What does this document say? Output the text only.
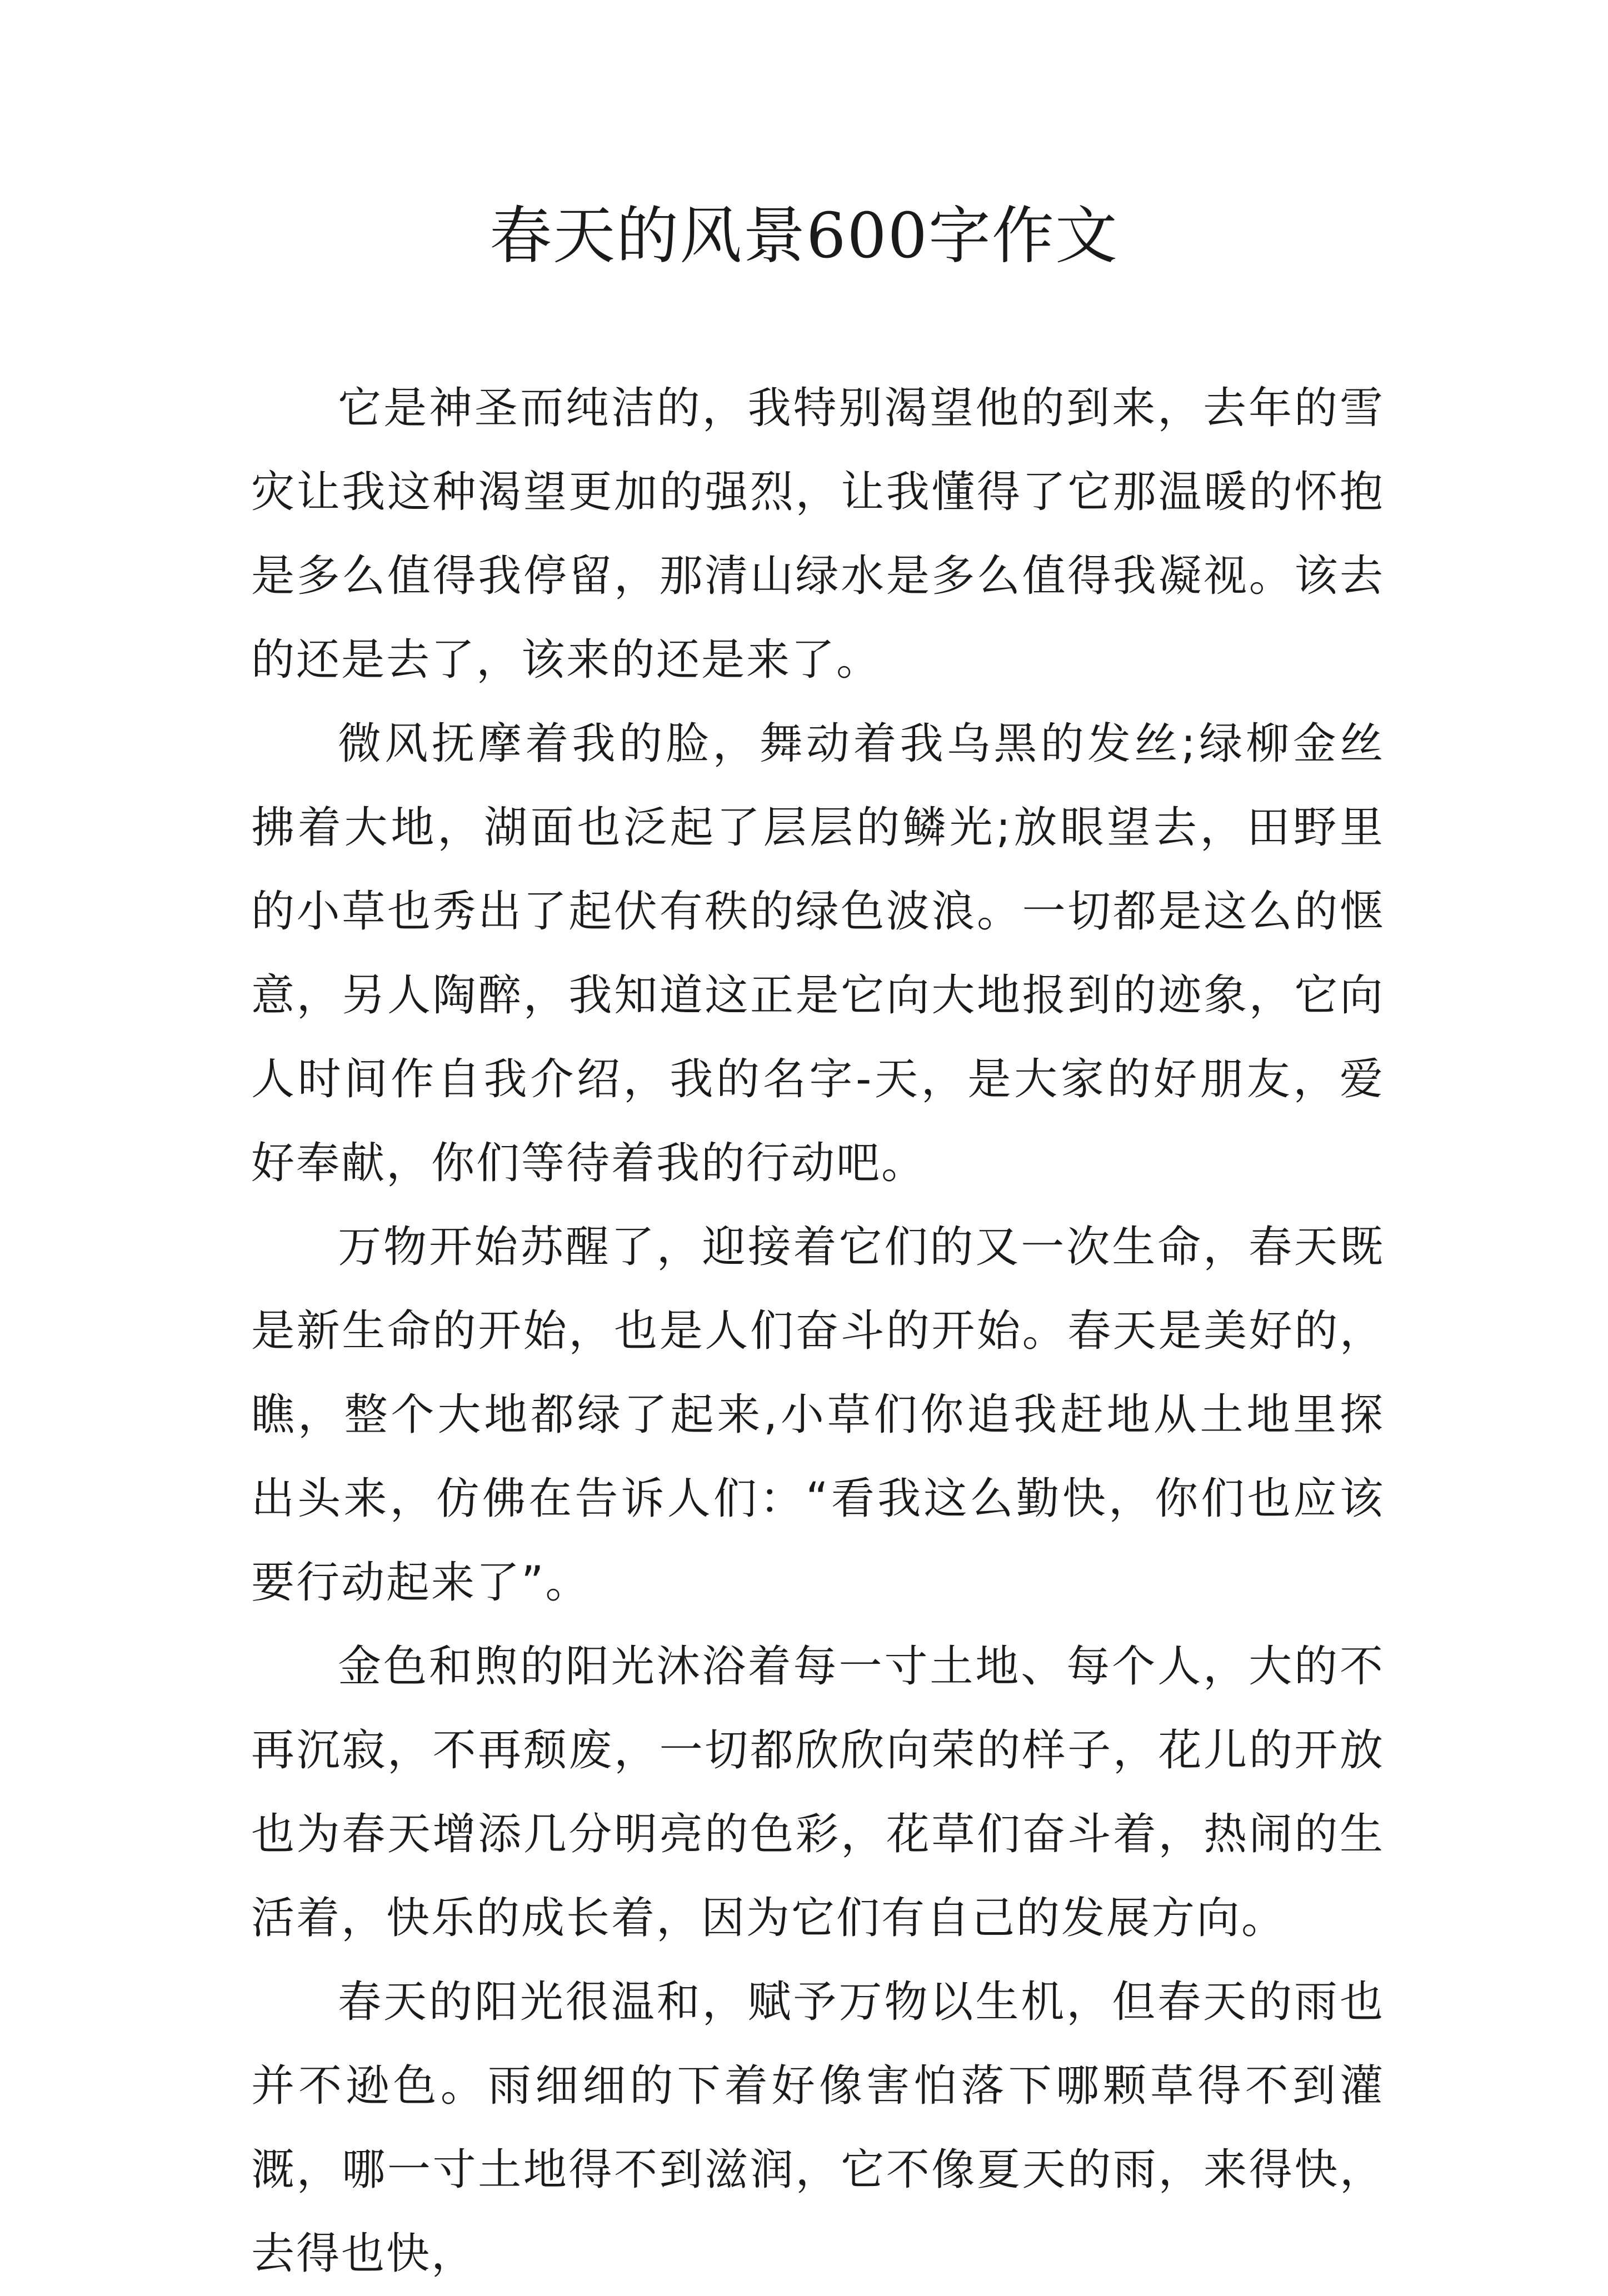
春天的风景600字作文

它是神圣而纯洁的，我特别渴望他的到来，去年的雪灾让我这种渴望更加的强烈，让我懂得了它那温暖的怀抱是多么值得我停留，那清山绿水是多么值得我凝视。该去的还是去了，该来的还是来了。

微风抚摩着我的脸，舞动着我乌黑的发丝;绿柳金丝拂着大地，湖面也泛起了层层的鳞光;放眼望去，田野里的小草也秀出了起伏有秩的绿色波浪。一切都是这么的惬意，另人陶醉，我知道这正是它向大地报到的迹象，它向人时间作自我介绍，我的名字-天，是大家的好朋友，爱好奉献，你们等待着我的行动吧。

万物开始苏醒了，迎接着它们的又一次生命，春天既是新生命的开始，也是人们奋斗的开始。春天是美好的，瞧，整个大地都绿了起来,小草们你追我赶地从土地里探出头来，仿佛在告诉人们：“看我这么勤快，你们也应该要行动起来了”。

金色和煦的阳光沐浴着每一寸土地、每个人，大的不再沉寂，不再颓废，一切都欣欣向荣的样子，花儿的开放也为春天增添几分明亮的色彩，花草们奋斗着，热闹的生活着，快乐的成长着，因为它们有自己的发展方向。

春天的阳光很温和，赋予万物以生机，但春天的雨也并不逊色。雨细细的下着好像害怕落下哪颗草得不到灌溉，哪一寸土地得不到滋润，它不像夏天的雨，来得快，去得也快，
